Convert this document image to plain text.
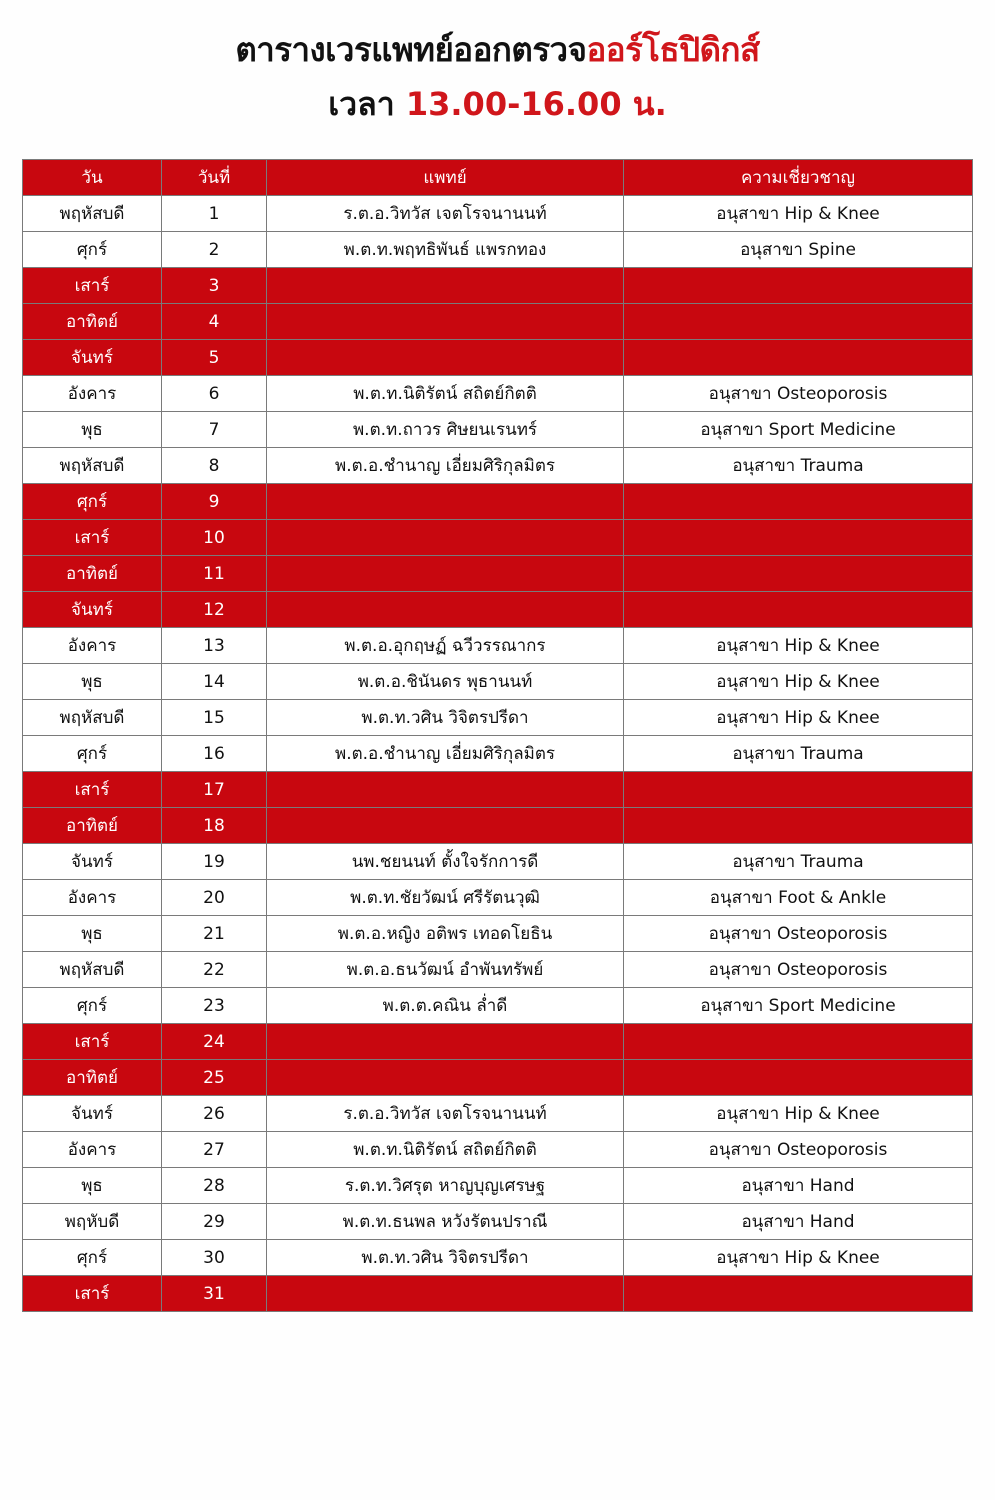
ตารางเวรแพทย์ออกตรวจออร์โธปิดิกส์
เวลา 13.00-16.00 น.
วัน	วันที่	แพทย์	ความเชี่ยวชาญ
พฤหัสบดี	1	ร.ต.อ.วิทวัส เจตโรจนานนท์	อนุสาขา Hip & Knee
ศุกร์	2	พ.ต.ท.พฤทธิพันธ์ แพรกทอง	อนุสาขา Spine
เสาร์	3		
อาทิตย์	4		
จันทร์	5		
อังคาร	6	พ.ต.ท.นิติรัตน์ สถิตย์กิตติ	อนุสาขา Osteoporosis
พุธ	7	พ.ต.ท.ถาวร ศิษยนเรนทร์	อนุสาขา Sport Medicine
พฤหัสบดี	8	พ.ต.อ.ชำนาญ เอี่ยมศิริกุลมิตร	อนุสาขา Trauma
ศุกร์	9		
เสาร์	10		
อาทิตย์	11		
จันทร์	12		
อังคาร	13	พ.ต.อ.อุกฤษฏ์ ฉวีวรรณากร	อนุสาขา Hip & Knee
พุธ	14	พ.ต.อ.ชินันดร พุธานนท์	อนุสาขา Hip & Knee
พฤหัสบดี	15	พ.ต.ท.วศิน วิจิตรปรีดา	อนุสาขา Hip & Knee
ศุกร์	16	พ.ต.อ.ชำนาญ เอี่ยมศิริกุลมิตร	อนุสาขา Trauma
เสาร์	17		
อาทิตย์	18		
จันทร์	19	นพ.ชยนนท์ ตั้งใจรักการดี	อนุสาขา Trauma
อังคาร	20	พ.ต.ท.ชัยวัฒน์ ศรีรัตนวุฒิ	อนุสาขา Foot & Ankle
พุธ	21	พ.ต.อ.หญิง อติพร เทอดโยธิน	อนุสาขา Osteoporosis
พฤหัสบดี	22	พ.ต.อ.ธนวัฒน์ อำพันทรัพย์	อนุสาขา Osteoporosis
ศุกร์	23	พ.ต.ต.คณิน ล่ำดี	อนุสาขา Sport Medicine
เสาร์	24		
อาทิตย์	25		
จันทร์	26	ร.ต.อ.วิทวัส เจตโรจนานนท์	อนุสาขา Hip & Knee
อังคาร	27	พ.ต.ท.นิติรัตน์ สถิตย์กิตติ	อนุสาขา Osteoporosis
พุธ	28	ร.ต.ท.วิศรุต หาญบุญเศรษฐ	อนุสาขา Hand
พฤหับดี	29	พ.ต.ท.ธนพล หวังรัตนปราณี	อนุสาขา Hand
ศุกร์	30	พ.ต.ท.วศิน วิจิตรปรีดา	อนุสาขา Hip & Knee
เสาร์	31		
